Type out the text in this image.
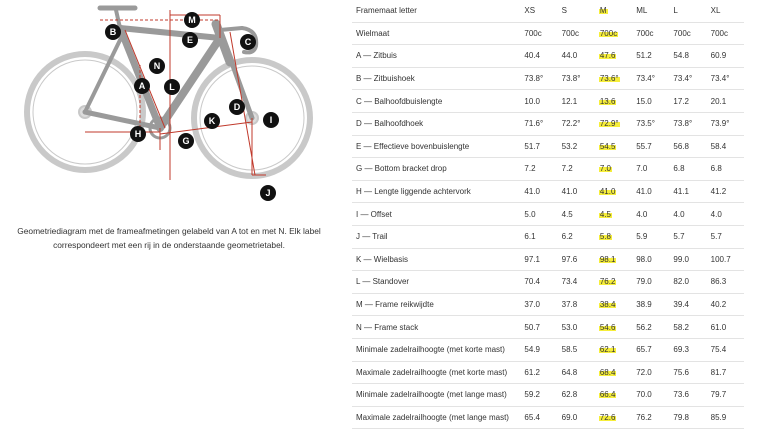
M
E
B
C
N
A	L
D
K	I
H
G
J
Geometriediagram met de frameafmetingen gelabeld van A tot en met N. Elk label correspondeert met een rij in de onderstaande geometrietabel.
Framemaat letter	XS	S	M	ML	L	XL
Wielmaat	700c	700c	700c	700c	700c	700c
A — Zitbuis	40.4	44.0	47.6	51.2	54.8	60.9
B — Zitbuishoek	73.8°	73.8°	73.6°	73.4°	73.4°	73.4°
C — Balhoofdbuislengte	10.0	12.1	13.6	15.0	17.2	20.1
D — Balhoofdhoek	71.6°	72.2°	72.9°	73.5°	73.8°	73.9°
E — Effectieve bovenbuislengte	51.7	53.2	54.5	55.7	56.8	58.4
G — Bottom bracket drop	7.2	7.2	7.0	7.0	6.8	6.8
H — Lengte liggende achtervork	41.0	41.0	41.0	41.0	41.1	41.2
I — Offset	5.0	4.5	4.5	4.0	4.0	4.0
J — Trail	6.1	6.2	5.8	5.9	5.7	5.7
K — Wielbasis	97.1	97.6	98.1	98.0	99.0	100.7
L — Standover	70.4	73.4	76.2	79.0	82.0	86.3
M — Frame reikwijdte	37.0	37.8	38.4	38.9	39.4	40.2
N — Frame stack	50.7	53.0	54.6	56.2	58.2	61.0
Minimale zadelrailhoogte (met korte mast)	54.9	58.5	62.1	65.7	69.3	75.4
Maximale zadelrailhoogte (met korte mast)	61.2	64.8	68.4	72.0	75.6	81.7
Minimale zadelrailhoogte (met lange mast)	59.2	62.8	66.4	70.0	73.6	79.7
Maximale zadelrailhoogte (met lange mast)	65.4	69.0	72.6	76.2	79.8	85.9
